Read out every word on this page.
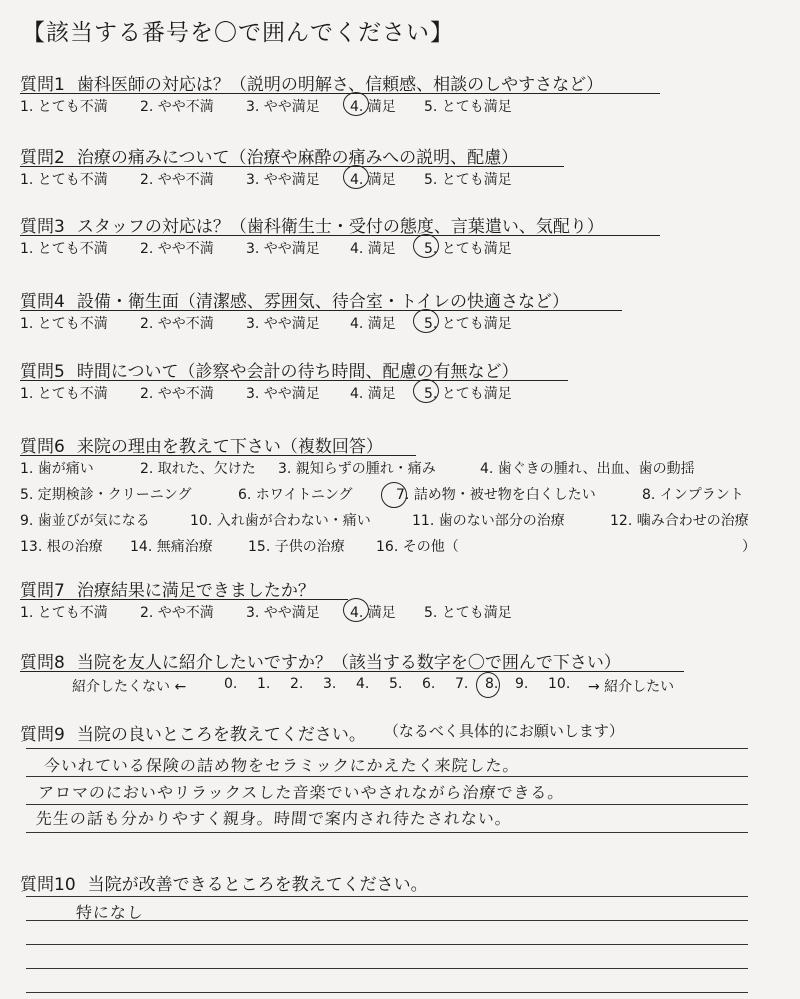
【該当する番号を〇で囲んでください】
質問1 歯科医師の対応は？（説明の明解さ、信頼感、相談のしやすさなど）
1. とても不満 2. やや不満 3. やや満足 4. 満足 5. とても満足
質問2 治療の痛みについて（治療や麻酔の痛みへの説明、配慮）
1. とても不満 2. やや不満 3. やや満足 4. 満足 5. とても満足
質問3 スタッフの対応は？（歯科衛生士・受付の態度、言葉遣い、気配り）
1. とても不満 2. やや不満 3. やや満足 4. 満足 5. とても満足
質問4 設備・衛生面（清潔感、雰囲気、待合室・トイレの快適さなど）
1. とても不満 2. やや不満 3. やや満足 4. 満足 5. とても満足
質問5 時間について（診察や会計の待ち時間、配慮の有無など）
1. とても不満 2. やや不満 3. やや満足 4. 満足 5. とても満足
質問6 来院の理由を教えて下さい（複数回答）
1. 歯が痛い	2. 取れた、欠けた 3. 親知らずの腫れ・痛み	4. 歯ぐきの腫れ、出血、歯の動揺
5. 定期検診・クリーニング	6. ホワイトニング	7. 詰め物・被せ物を白くしたい	8. インプラント
9. 歯並びが気になる	10. 入れ歯が合わない・痛い	11. 歯のない部分の治療	12. 噛み合わせの治療
13. 根の治療 14. 無痛治療	15. 子供の治療 16. その他（	）
質問7 治療結果に満足できましたか？
1. とても不満 2. やや不満 3. やや満足 4. 満足 5. とても満足
質問8 当院を友人に紹介したいですか？（該当する数字を〇で囲んで下さい）
紹介したくない ←	0. 1. 2. 3. 4. 5. 6. 7. 8. 9. 10. → 紹介したい
質問9 当院の良いところを教えてください。 （なるべく具体的にお願いします）
今いれている保険の詰め物をセラミックにかえたく来院した。
アロマのにおいやリラックスした音楽でいやされながら治療できる。
先生の話も分かりやすく親身。時間で案内され待たされない。
質問10 当院が改善できるところを教えてください。
特になし
